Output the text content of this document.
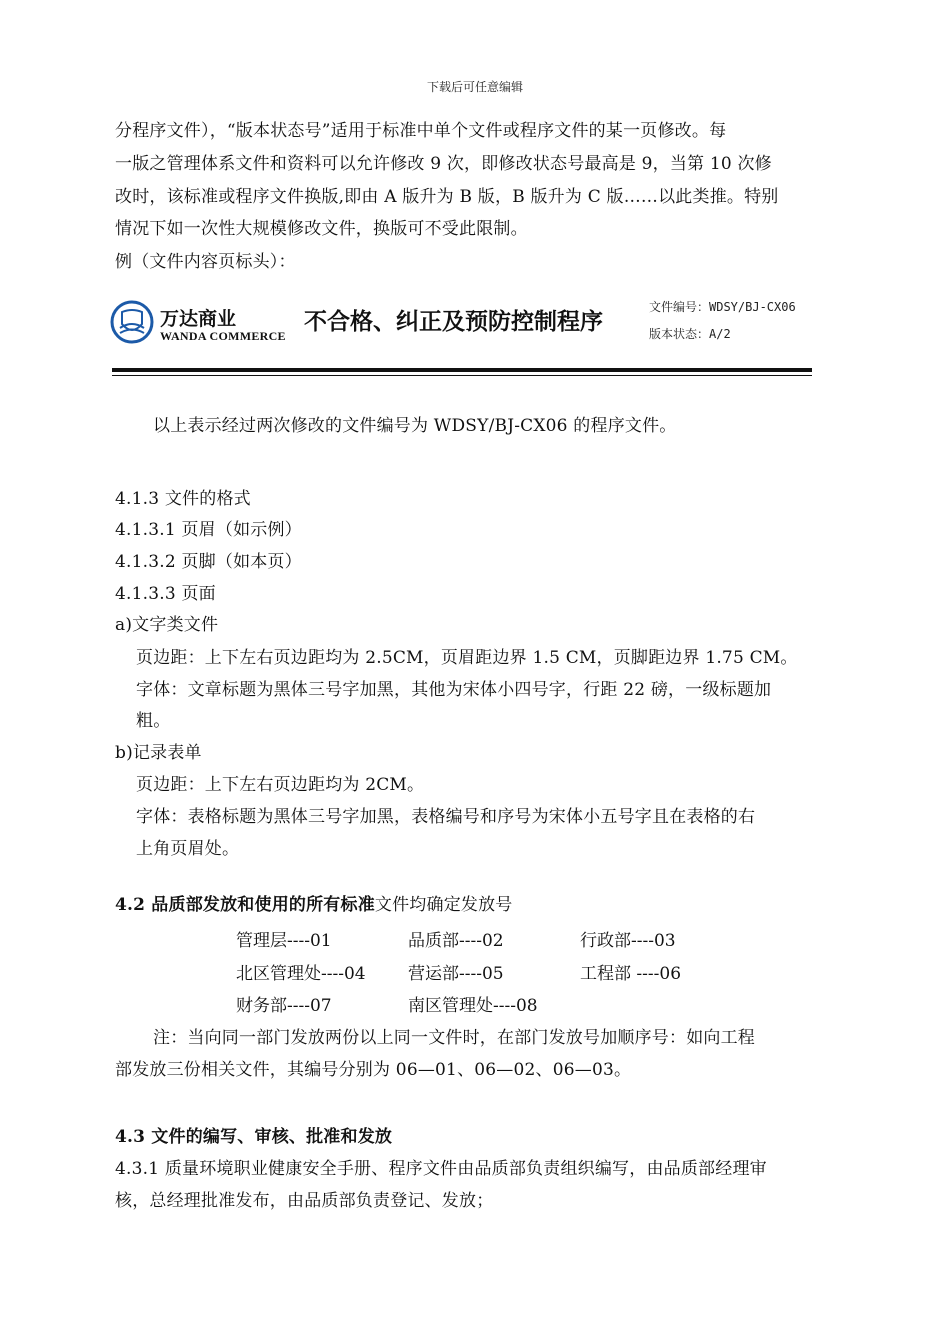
下载后可任意编辑
分程序文件），“版本状态号”适用于标准中单个文件或程序文件的某一页修改。每
一版之管理体系文件和资料可以允许修改 9 次，即修改状态号最高是 9，当第 10 次修
改时，该标准或程序文件换版,即由 A 版升为 B 版，B 版升为 C 版……以此类推。特别
情况下如一次性大规模修改文件，换版可不受此限制。
例（文件内容页标头）：
万达商业
WANDA COMMERCE
不合格、纠正及预防控制程序
文件编号：WDSY/BJ-CX06
版本状态：A/2
以上表示经过两次修改的文件编号为 WDSY/BJ-CX06 的程序文件。
4.1.3 文件的格式
4.1.3.1 页眉（如示例）
4.1.3.2 页脚（如本页）
4.1.3.3 页面
a)文字类文件
页边距：上下左右页边距均为 2.5CM，页眉距边界 1.5 CM，页脚距边界 1.75 CM。
字体：文章标题为黑体三号字加黑，其他为宋体小四号字，行距 22 磅，一级标题加
粗。
b)记录表单
页边距：上下左右页边距均为 2CM。
字体：表格标题为黑体三号字加黑，表格编号和序号为宋体小五号字且在表格的右
上角页眉处。
4.2 品质部发放和使用的所有标准文件均确定发放号
管理层----01	品质部----02	行政部----03
北区管理处----04 营运部----05	工程部 ----06
财务部----07	南区管理处----08
注：当向同一部门发放两份以上同一文件时，在部门发放号加顺序号：如向工程
部发放三份相关文件，其编号分别为 06—01、06—02、06—03。
4.3 文件的编写、审核、批准和发放
4.3.1 质量环境职业健康安全手册、程序文件由品质部负责组织编写，由品质部经理审
核，总经理批准发布，由品质部负责登记、发放；
